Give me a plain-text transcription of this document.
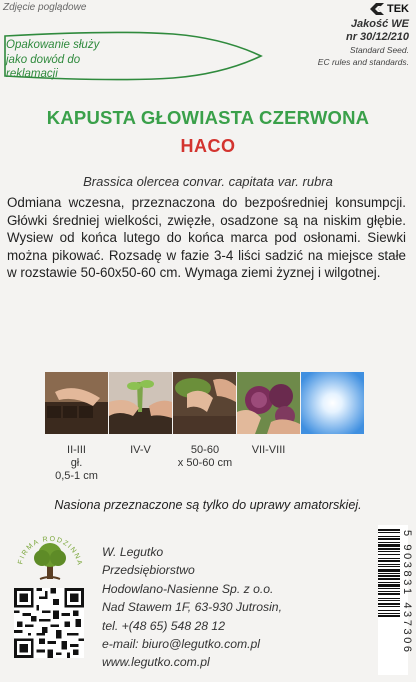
Zdjęcie poglądowe	TEK
Jakość WE
nr 30/12/210
Standard Seed.
EC rules and standards.
Opakowanie służy jako dowód do reklamacji
KAPUSTA GŁOWIASTA CZERWONA
HACO
Brassica olercea convar. capitata var. rubra
Odmiana wczesna, przeznaczona do bezpośredniej konsumpcji. Główki średniej wielkości, zwięzłe, osadzone są na niskim głębie. Wysiew od końca lutego do końca marca pod osłonami. Siewki można pikować. Rozsadę w fazie 3-4 liści sadzić na miejsce stałe w rozstawie 50-60x50-60 cm. Wymaga ziemi żyznej i wilgotnej.
II-III
gł.
0,5-1 cm
IV-V	50-60
x 50-60 cm
VII-VIII
Nasiona przeznaczone są tylko do uprawy amatorskiej.
FIRMA RODZINNA
W. Legutko
Przedsiębiorstwo
Hodowlano-Nasienne Sp. z o.o.
Nad Stawem 1F, 63-930 Jutrosin,
tel. +(48 65) 548 28 12
e-mail: biuro@legutko.com.pl
www.legutko.com.pl
5 903831 437306
